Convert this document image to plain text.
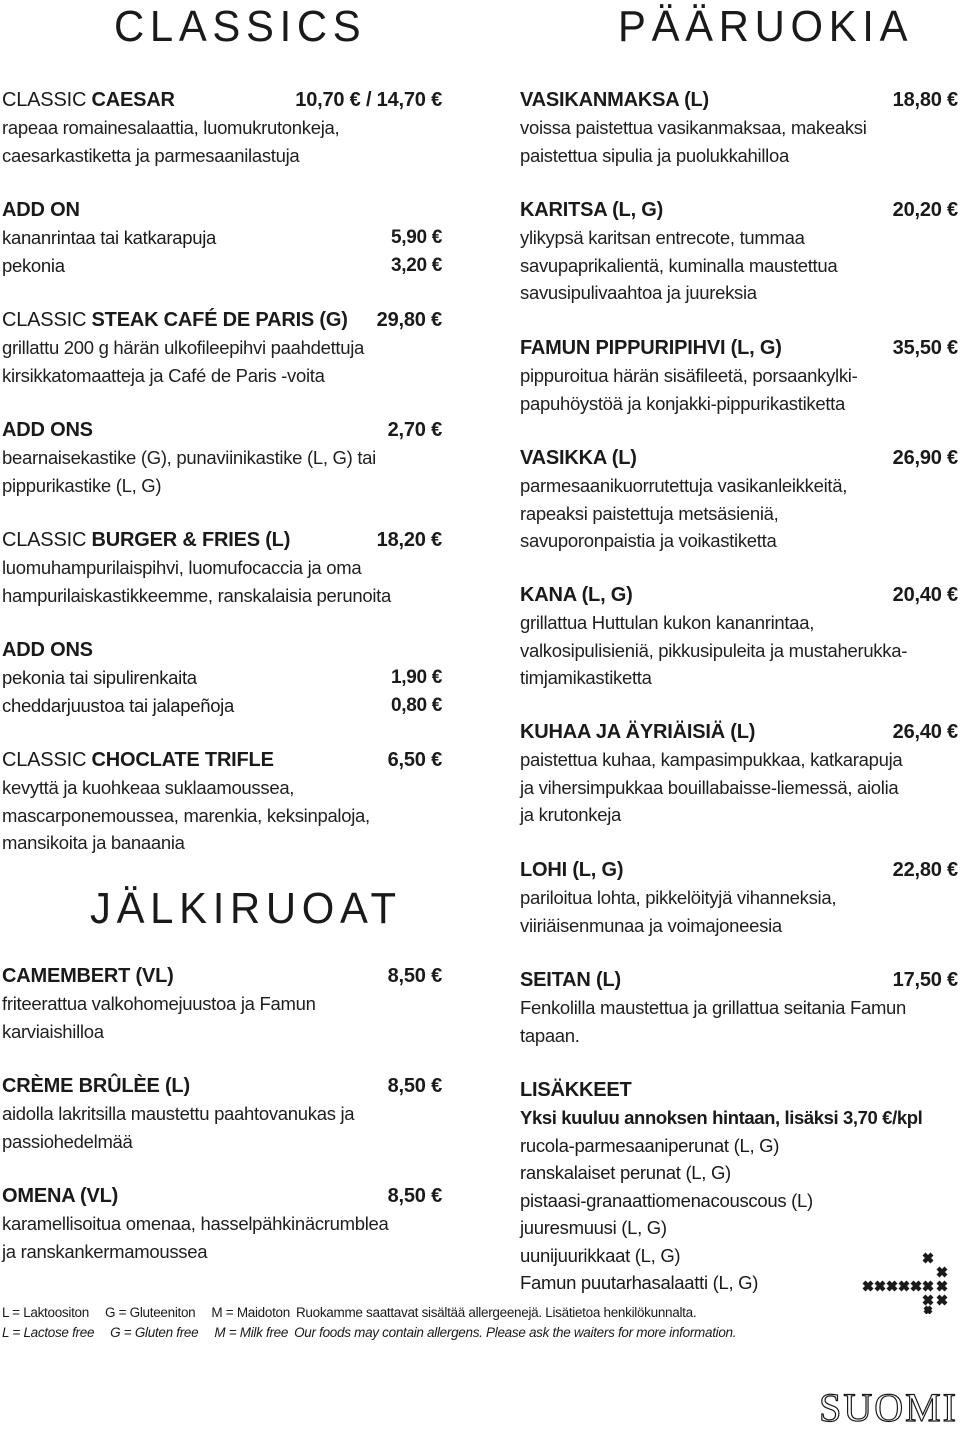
CLASSICS
CLASSIC CAESAR	10,70 € / 14,70 €
rapeaa romainesalaattia, luomukrutonkeja,
caesarkastiketta ja parmesaanilastuja
ADD ON
kananrintaa tai katkarapuja	5,90 €
pekonia	3,20 €
CLASSIC STEAK CAFÉ DE PARIS (G) 29,80 €
grillattu 200 g härän ulkofileepihvi paahdettuja
kirsikkatomaatteja ja Café de Paris -voita
ADD ONS	2,70 €
bearnaisekastike (G), punaviinikastike (L, G) tai
pippurikastike (L, G)
CLASSIC BURGER & FRIES (L)	18,20 €
luomuhampurilaispihvi, luomufocaccia ja oma
hampurilaiskastikkeemme, ranskalaisia perunoita
ADD ONS
pekonia tai sipulirenkaita	1,90 €
cheddarjuustoa tai jalapeñoja	0,80 €
CLASSIC CHOCLATE TRIFLE	6,50 €
kevyttä ja kuohkeaa suklaamoussea,
mascarponemoussea, marenkia, keksinpaloja,
mansikoita ja banaania
JÄLKIRUOAT
CAMEMBERT (VL)	8,50 €
friteerattua valkohomejuustoa ja Famun
karviaishilloa
CRÈME BRÛLÈE (L)	8,50 €
aidolla lakritsilla maustettu paahtovanukas ja
passiohedelmää
OMENA (VL)	8,50 €
karamellisoitua omenaa, hasselpähkinäcrumblea
ja ranskankermamoussea
PÄÄRUOKIA
VASIKANMAKSA (L)	18,80 €
voissa paistettua vasikanmaksaa, makeaksi
paistettua sipulia ja puolukkahilloa
KARITSA (L, G)	20,20 €
ylikypsä karitsan entrecote, tummaa
savupaprikalientä, kuminalla maustettua
savusipulivaahtoa ja juureksia
FAMUN PIPPURIPIHVI (L, G)	35,50 €
pippuroitua härän sisäfileetä, porsaankylki-
papuhöystöä ja konjakki-pippurikastiketta
VASIKKA (L)	26,90 €
parmesaanikuorrutettuja vasikanleikkeitä,
rapeaksi paistettuja metsäsieniä,
savuporonpaistia ja voikastiketta
KANA (L, G)	20,40 €
grillattua Huttulan kukon kananrintaa,
valkosipulisieniä, pikkusipuleita ja mustaherukka-
timjamikastiketta
KUHAA JA ÄYRIÄISIÄ (L)	26,40 €
paistettua kuhaa, kampasimpukkaa, katkarapuja
ja vihersimpukkaa bouillabaisse-liemessä, aiolia
ja krutonkeja
LOHI (L, G)	22,80 €
pariloitua lohta, pikkelöityjä vihanneksia,
viiriäisenmunaa ja voimajoneesia
SEITAN (L)	17,50 €
Fenkolilla maustettua ja grillattua seitania Famun
tapaan.
LISÄKKEET
Yksi kuuluu annoksen hintaan, lisäksi 3,70 €/kpl
rucola-parmesaaniperunat (L, G)
ranskalaiset perunat (L, G)
pistaasi-granaattiomenacouscous (L)
juuresmuusi (L, G)
uunijuurikkaat (L, G)
Famun puutarhasalaatti (L, G)
L = Laktoositon G = Gluteeniton M = Maidoton Ruokamme saattavat sisältää allergeenejä. Lisätietoa henkilökunnalta.
L = Lactose free G = Gluten free M = Milk free Our foods may contain allergens. Please ask the waiters for more information.
SUOMI
